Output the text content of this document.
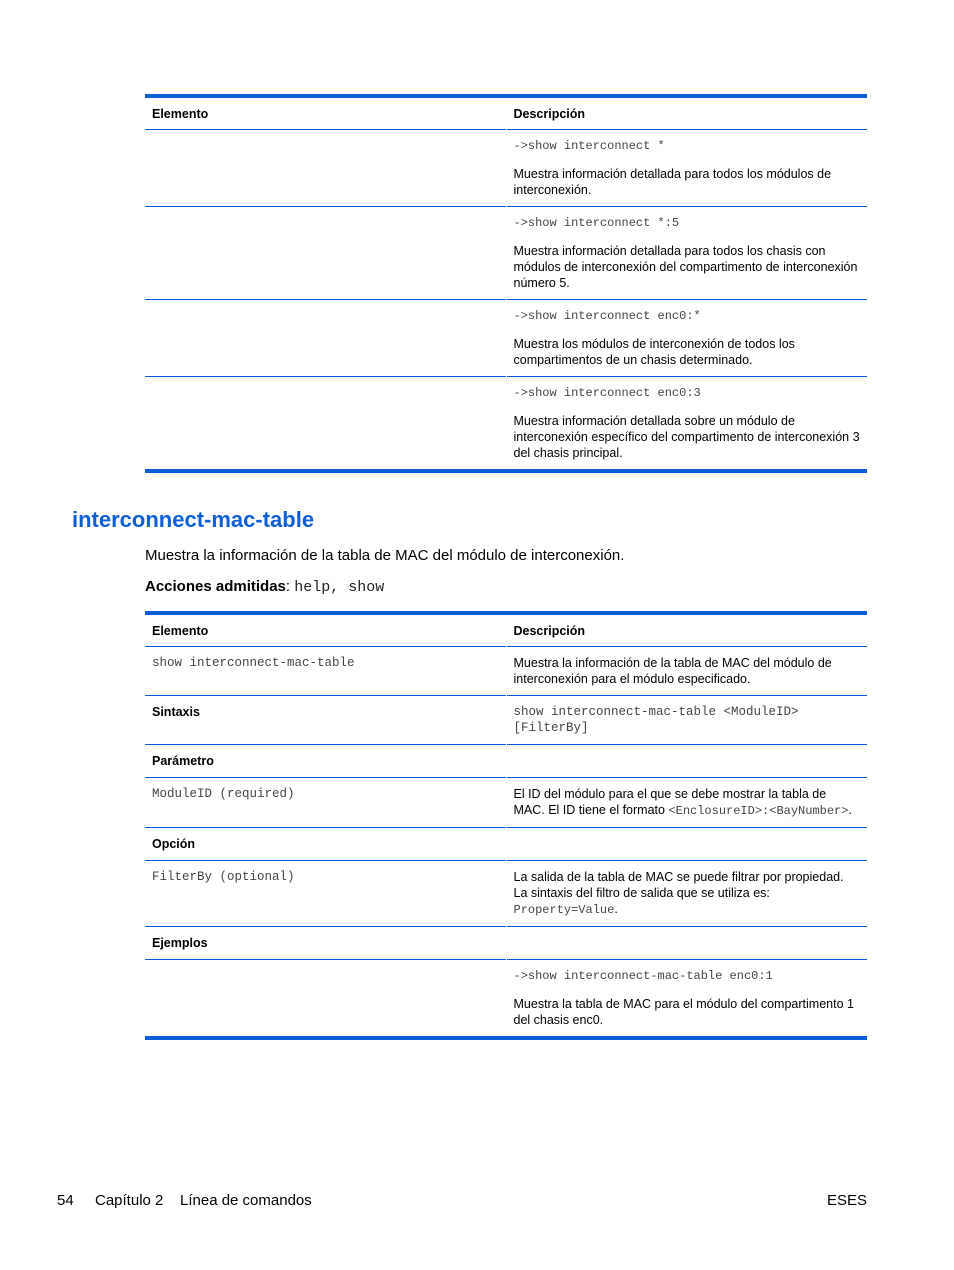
Elemento	Descripción

	->show interconnect *
Muestra información detallada para todos los módulos de interconexión.

	->show interconnect *:5
Muestra información detallada para todos los chasis con módulos de interconexión del compartimento de interconexión número 5.

	->show interconnect enc0:*
Muestra los módulos de interconexión de todos los compartimentos de un chasis determinado.

	->show interconnect enc0:3
Muestra información detallada sobre un módulo de interconexión específico del compartimento de interconexión 3 del chasis principal.
interconnect-mac-table

Muestra la información de la tabla de MAC del módulo de interconexión.

Acciones admitidas: help, show

Elemento	Descripción
show interconnect-mac-table	Muestra la información de la tabla de MAC del módulo de interconexión para el módulo especificado.
Sintaxis	show interconnect-mac-table <ModuleID> [FilterBy]
Parámetro	
ModuleID (required)	El ID del módulo para el que se debe mostrar la tabla de MAC. El ID tiene el formato <EnclosureID>:<BayNumber>.
Opción	
FilterBy (optional)	La salida de la tabla de MAC se puede filtrar por propiedad. La sintaxis del filtro de salida que se utiliza es: Property=Value.
Ejemplos	

	->show interconnect-mac-table enc0:1
Muestra la tabla de MAC para el módulo del compartimento 1 del chasis enc0.
54 Capítulo 2 Línea de comandos	ESES
